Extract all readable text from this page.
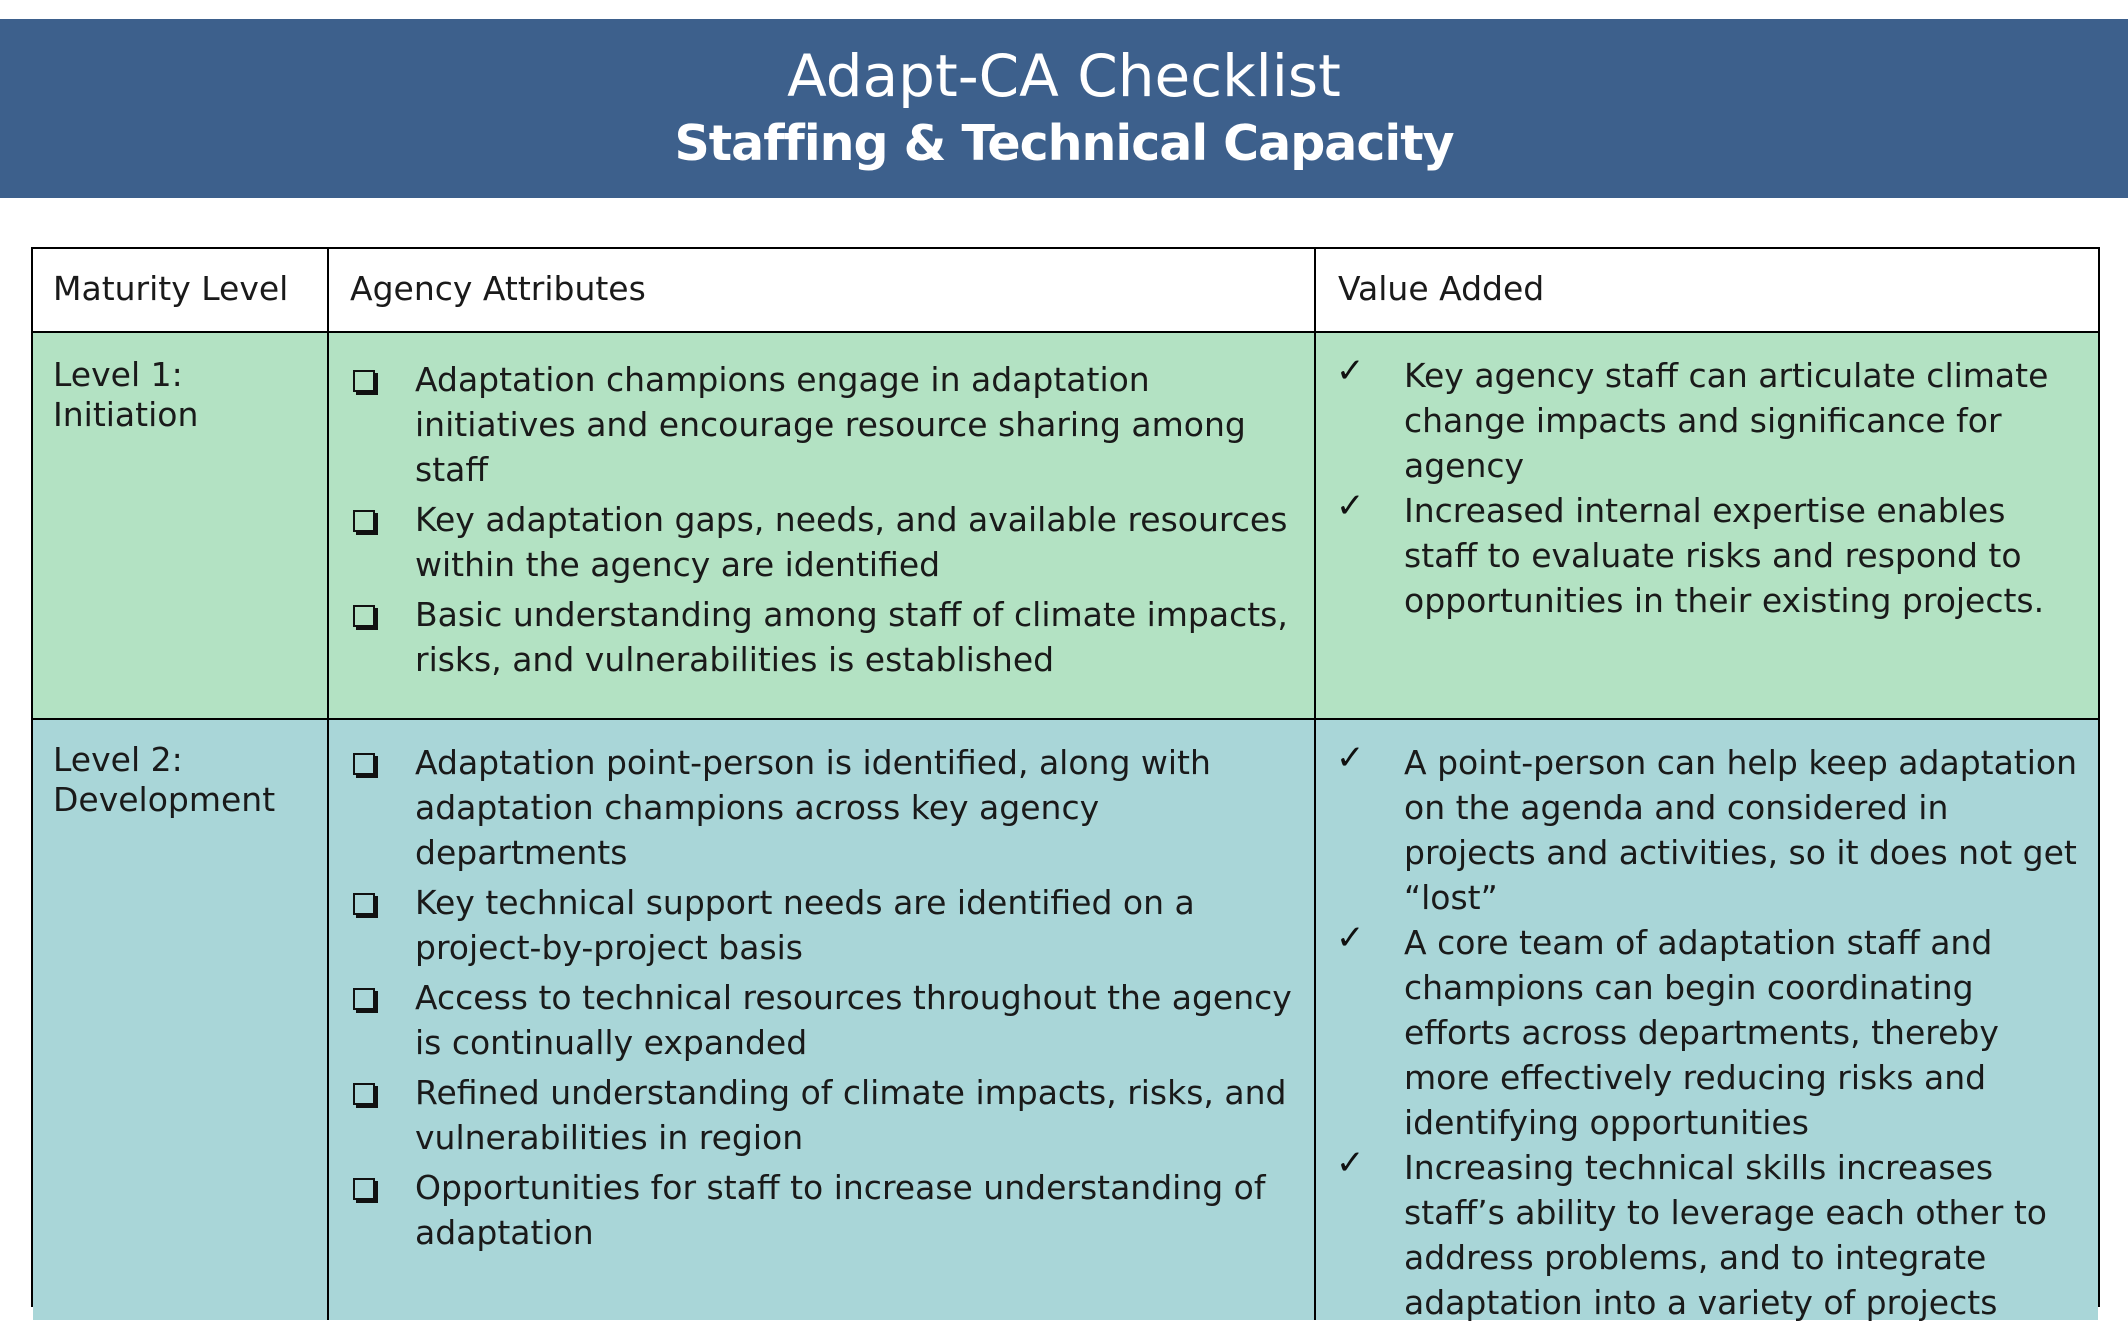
Adapt-CA Checklist
Staffing & Technical Capacity
Maturity Level Agency Attributes	Value Added
Level 1:
Initiation
Adaptation champions engage in adaptation initiatives and encourage resource sharing among staff
Key adaptation gaps, needs, and available resources within the agency are identified
Basic understanding among staff of climate impacts, risks, and vulnerabilities is established
✓ Key agency staff can articulate climate change impacts and significance for agency
✓ Increased internal expertise enables staff to evaluate risks and respond to opportunities in their existing projects.
Level 2:
Development
Adaptation point-person is identified, along with adaptation champions across key agency departments
Key technical support needs are identified on a project-by-project basis
Access to technical resources throughout the agency is continually expanded
Refined understanding of climate impacts, risks, and vulnerabilities in region
Opportunities for staff to increase understanding of adaptation
✓ A point-person can help keep adaptation on the agenda and considered in projects and activities, so it does not get “lost”
✓ A core team of adaptation staff and champions can begin coordinating efforts across departments, thereby more effectively reducing risks and identifying opportunities
✓ Increasing technical skills increases staff’s ability to leverage each other to address problems, and to integrate adaptation into a variety of projects
